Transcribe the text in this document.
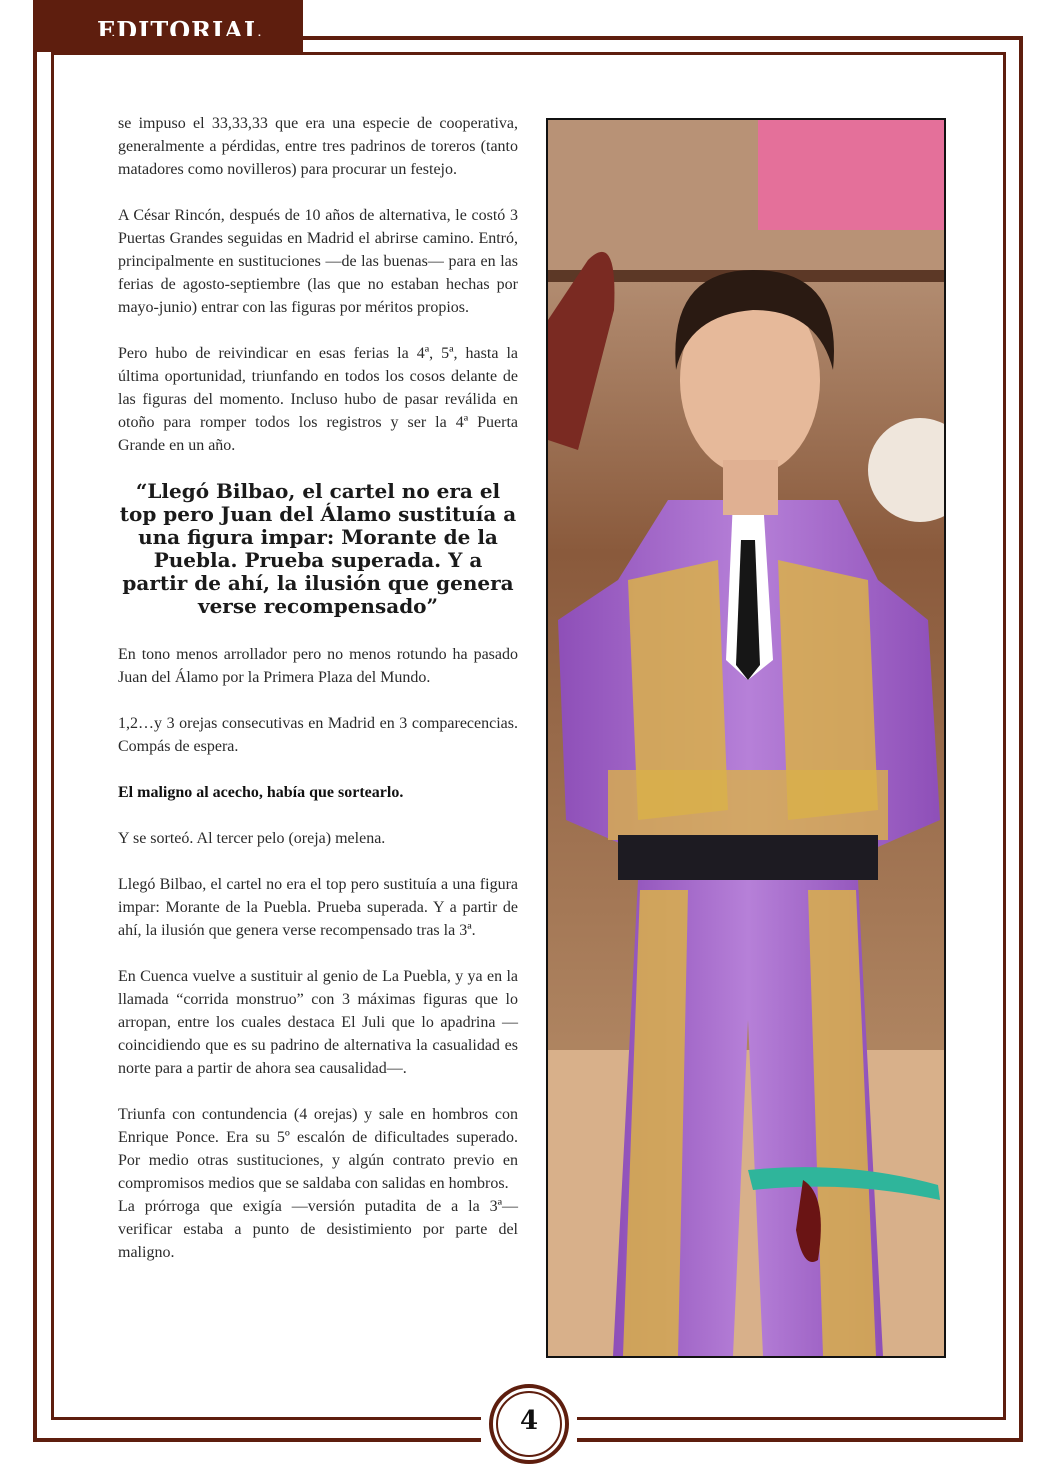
EDITORIAL

se impuso el 33,33,33 que era una especie de cooperativa, generalmente a pérdidas, entre tres padrinos de toreros (tanto matadores como novilleros) para procurar un festejo.

A César Rincón, después de 10 años de alternativa, le costó 3 Puertas Grandes seguidas en Madrid el abrirse camino. Entró, principalmente en sustituciones —de las buenas— para en las ferias de agosto-septiembre (las que no estaban hechas por mayo-junio) entrar con las figuras por méritos propios.

Pero hubo de reivindicar en esas ferias la 4ª, 5ª, hasta la última oportunidad, triunfando en todos los cosos delante de las figuras del momento. Incluso hubo de pasar reválida en otoño para romper todos los registros y ser la 4ª Puerta Grande en un año.

“Llegó Bilbao, el cartel no era el top pero Juan del Álamo sustituía a una figura impar: Morante de la Puebla. Prueba superada. Y a partir de ahí, la ilusión que genera verse recompensado”

En tono menos arrollador pero no menos rotundo ha pasado Juan del Álamo por la Primera Plaza del Mundo.

1,2…y 3 orejas consecutivas en Madrid en 3 comparecencias. Compás de espera.

El maligno al acecho, había que sortearlo.

Y se sorteó. Al tercer pelo (oreja) melena.

Llegó Bilbao, el cartel no era el top pero sustituía a una figura impar: Morante de la Puebla. Prueba superada. Y a partir de ahí, la ilusión que genera verse recompensado tras la 3ª.

En Cuenca vuelve a sustituir al genio de La Puebla, y ya en la llamada “corrida monstruo” con 3 máximas figuras que lo arropan, entre los cuales destaca El Juli que lo apadrina —coincidiendo que es su padrino de alternativa la casualidad es norte para a partir de ahora sea causalidad—.

Triunfa con contundencia (4 orejas) y sale en hombros con Enrique Ponce. Era su 5º escalón de dificultades superado. Por medio otras sustituciones, y algún contrato previo en compromisos medios que se saldaba con salidas en hombros.

La prórroga que exigía —versión putadita de a la 3ª— verificar estaba a punto de desistimiento por parte del maligno.

4
